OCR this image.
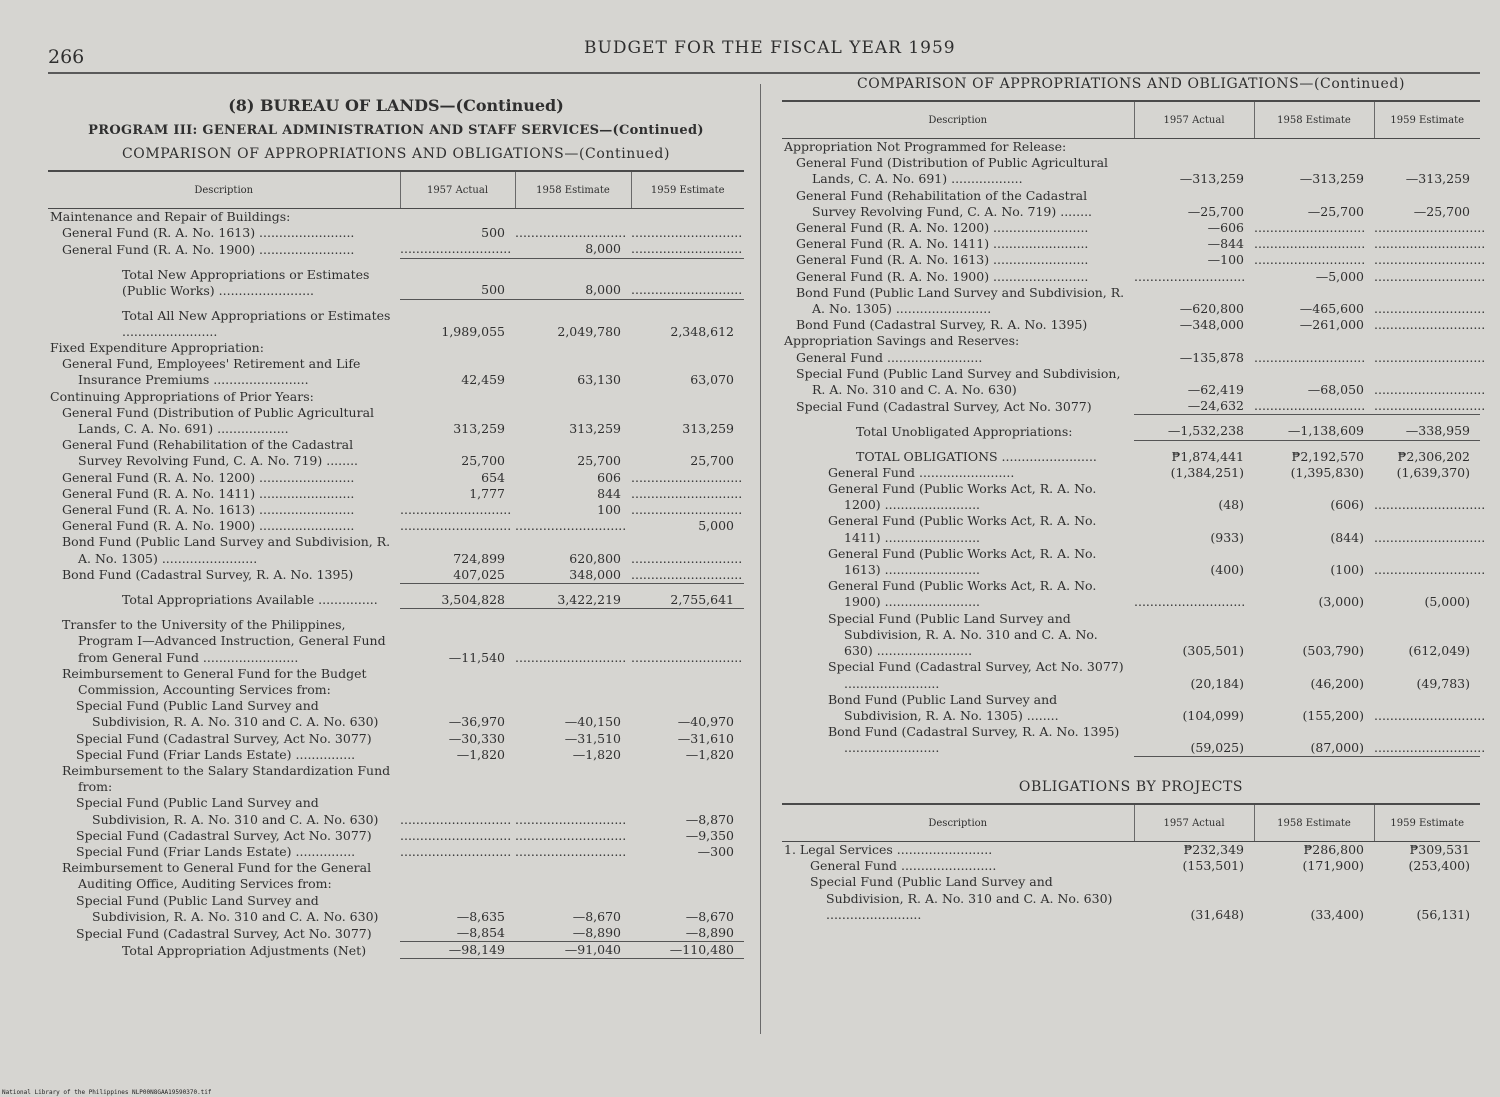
266	BUDGET FOR THE FISCAL YEAR 1959
(8) BUREAU OF LANDS—(Continued)
PROGRAM III: GENERAL ADMINISTRATION AND STAFF SERVICES—(Continued)
COMPARISON OF APPROPRIATIONS AND OBLIGATIONS—(Continued)
Description	1957 Actual	1958 Estimate	1959 Estimate
Maintenance and Repair of Buildings:			
General Fund (R. A. No. 1613) ........................	500	............................	............................
General Fund (R. A. No. 1900) ........................	............................	8,000	............................

Total New Appropriations or Estimates (Public Works) ........................	500	8,000	............................

Total All New Appropriations or Estimates ........................	1,989,055	2,049,780	2,348,612
Fixed Expenditure Appropriation:			
General Fund, Employees' Retirement and Life Insurance Premiums ........................	42,459	63,130	63,070
Continuing Appropriations of Prior Years:			
General Fund (Distribution of Public Agricultural Lands, C. A. No. 691) ..................	313,259	313,259	313,259
General Fund (Rehabilitation of the Cadastral Survey Revolving Fund, C. A. No. 719) ........	25,700	25,700	25,700
General Fund (R. A. No. 1200) ........................	654	606	............................
General Fund (R. A. No. 1411) ........................	1,777	844	............................
General Fund (R. A. No. 1613) ........................	............................	100	............................
General Fund (R. A. No. 1900) ........................	............................	............................	5,000
Bond Fund (Public Land Survey and Subdivision, R. A. No. 1305) ........................	724,899	620,800	............................
Bond Fund (Cadastral Survey, R. A. No. 1395)	407,025	348,000	............................

Total Appropriations Available ...............	3,504,828	3,422,219	2,755,641

Transfer to the University of the Philippines, Program I—Advanced Instruction, General Fund from General Fund ........................	—11,540	............................	............................
Reimbursement to General Fund for the Budget Commission, Accounting Services from:			
Special Fund (Public Land Survey and Subdivision, R. A. No. 310 and C. A. No. 630)	—36,970	—40,150	—40,970
Special Fund (Cadastral Survey, Act No. 3077)	—30,330	—31,510	—31,610
Special Fund (Friar Lands Estate) ...............	—1,820	—1,820	—1,820
Reimbursement to the Salary Standardization Fund from:			
Special Fund (Public Land Survey and Subdivision, R. A. No. 310 and C. A. No. 630)	............................	............................	—8,870
Special Fund (Cadastral Survey, Act No. 3077)	............................	............................	—9,350
Special Fund (Friar Lands Estate) ...............	............................	............................	—300
Reimbursement to General Fund for the General Auditing Office, Auditing Services from:			
Special Fund (Public Land Survey and Subdivision, R. A. No. 310 and C. A. No. 630)	—8,635	—8,670	—8,670
Special Fund (Cadastral Survey, Act No. 3077)	—8,854	—8,890	—8,890
Total Appropriation Adjustments (Net)	—98,149	—91,040	—110,480
COMPARISON OF APPROPRIATIONS AND OBLIGATIONS—(Continued)
Description	1957 Actual	1958 Estimate	1959 Estimate
Appropriation Not Programmed for Release:			
General Fund (Distribution of Public Agricultural Lands, C. A. No. 691) ..................	—313,259	—313,259	—313,259
General Fund (Rehabilitation of the Cadastral Survey Revolving Fund, C. A. No. 719) ........	—25,700	—25,700	—25,700
General Fund (R. A. No. 1200) ........................	—606	............................	............................
General Fund (R. A. No. 1411) ........................	—844	............................	............................
General Fund (R. A. No. 1613) ........................	—100	............................	............................
General Fund (R. A. No. 1900) ........................	............................	—5,000	............................
Bond Fund (Public Land Survey and Subdivision, R. A. No. 1305) ........................	—620,800	—465,600	............................
Bond Fund (Cadastral Survey, R. A. No. 1395)	—348,000	—261,000	............................
Appropriation Savings and Reserves:			
General Fund ........................	—135,878	............................	............................
Special Fund (Public Land Survey and Subdivision, R. A. No. 310 and C. A. No. 630)	—62,419	—68,050	............................
Special Fund (Cadastral Survey, Act No. 3077)	—24,632	............................	............................

Total Unobligated Appropriations:	—1,532,238	—1,138,609	—338,959

TOTAL OBLIGATIONS ........................	₱1,874,441	₱2,192,570	₱2,306,202
General Fund ........................	(1,384,251)	(1,395,830)	(1,639,370)
General Fund (Public Works Act, R. A. No. 1200) ........................	(48)	(606)	............................
General Fund (Public Works Act, R. A. No. 1411) ........................	(933)	(844)	............................
General Fund (Public Works Act, R. A. No. 1613) ........................	(400)	(100)	............................
General Fund (Public Works Act, R. A. No. 1900) ........................	............................	(3,000)	(5,000)
Special Fund (Public Land Survey and Subdivision, R. A. No. 310 and C. A. No. 630) ........................	(305,501)	(503,790)	(612,049)
Special Fund (Cadastral Survey, Act No. 3077) ........................	(20,184)	(46,200)	(49,783)
Bond Fund (Public Land Survey and Subdivision, R. A. No. 1305) ........	(104,099)	(155,200)	............................
Bond Fund (Cadastral Survey, R. A. No. 1395) ........................	(59,025)	(87,000)	............................
OBLIGATIONS BY PROJECTS
Description	1957 Actual	1958 Estimate	1959 Estimate
1. Legal Services ........................	₱232,349	₱286,800	₱309,531
General Fund ........................	(153,501)	(171,900)	(253,400)
Special Fund (Public Land Survey and Subdivision, R. A. No. 310 and C. A. No. 630) ........................	(31,648)	(33,400)	(56,131)
National Library of the Philippines NLP00N8GAA19590370.tif
